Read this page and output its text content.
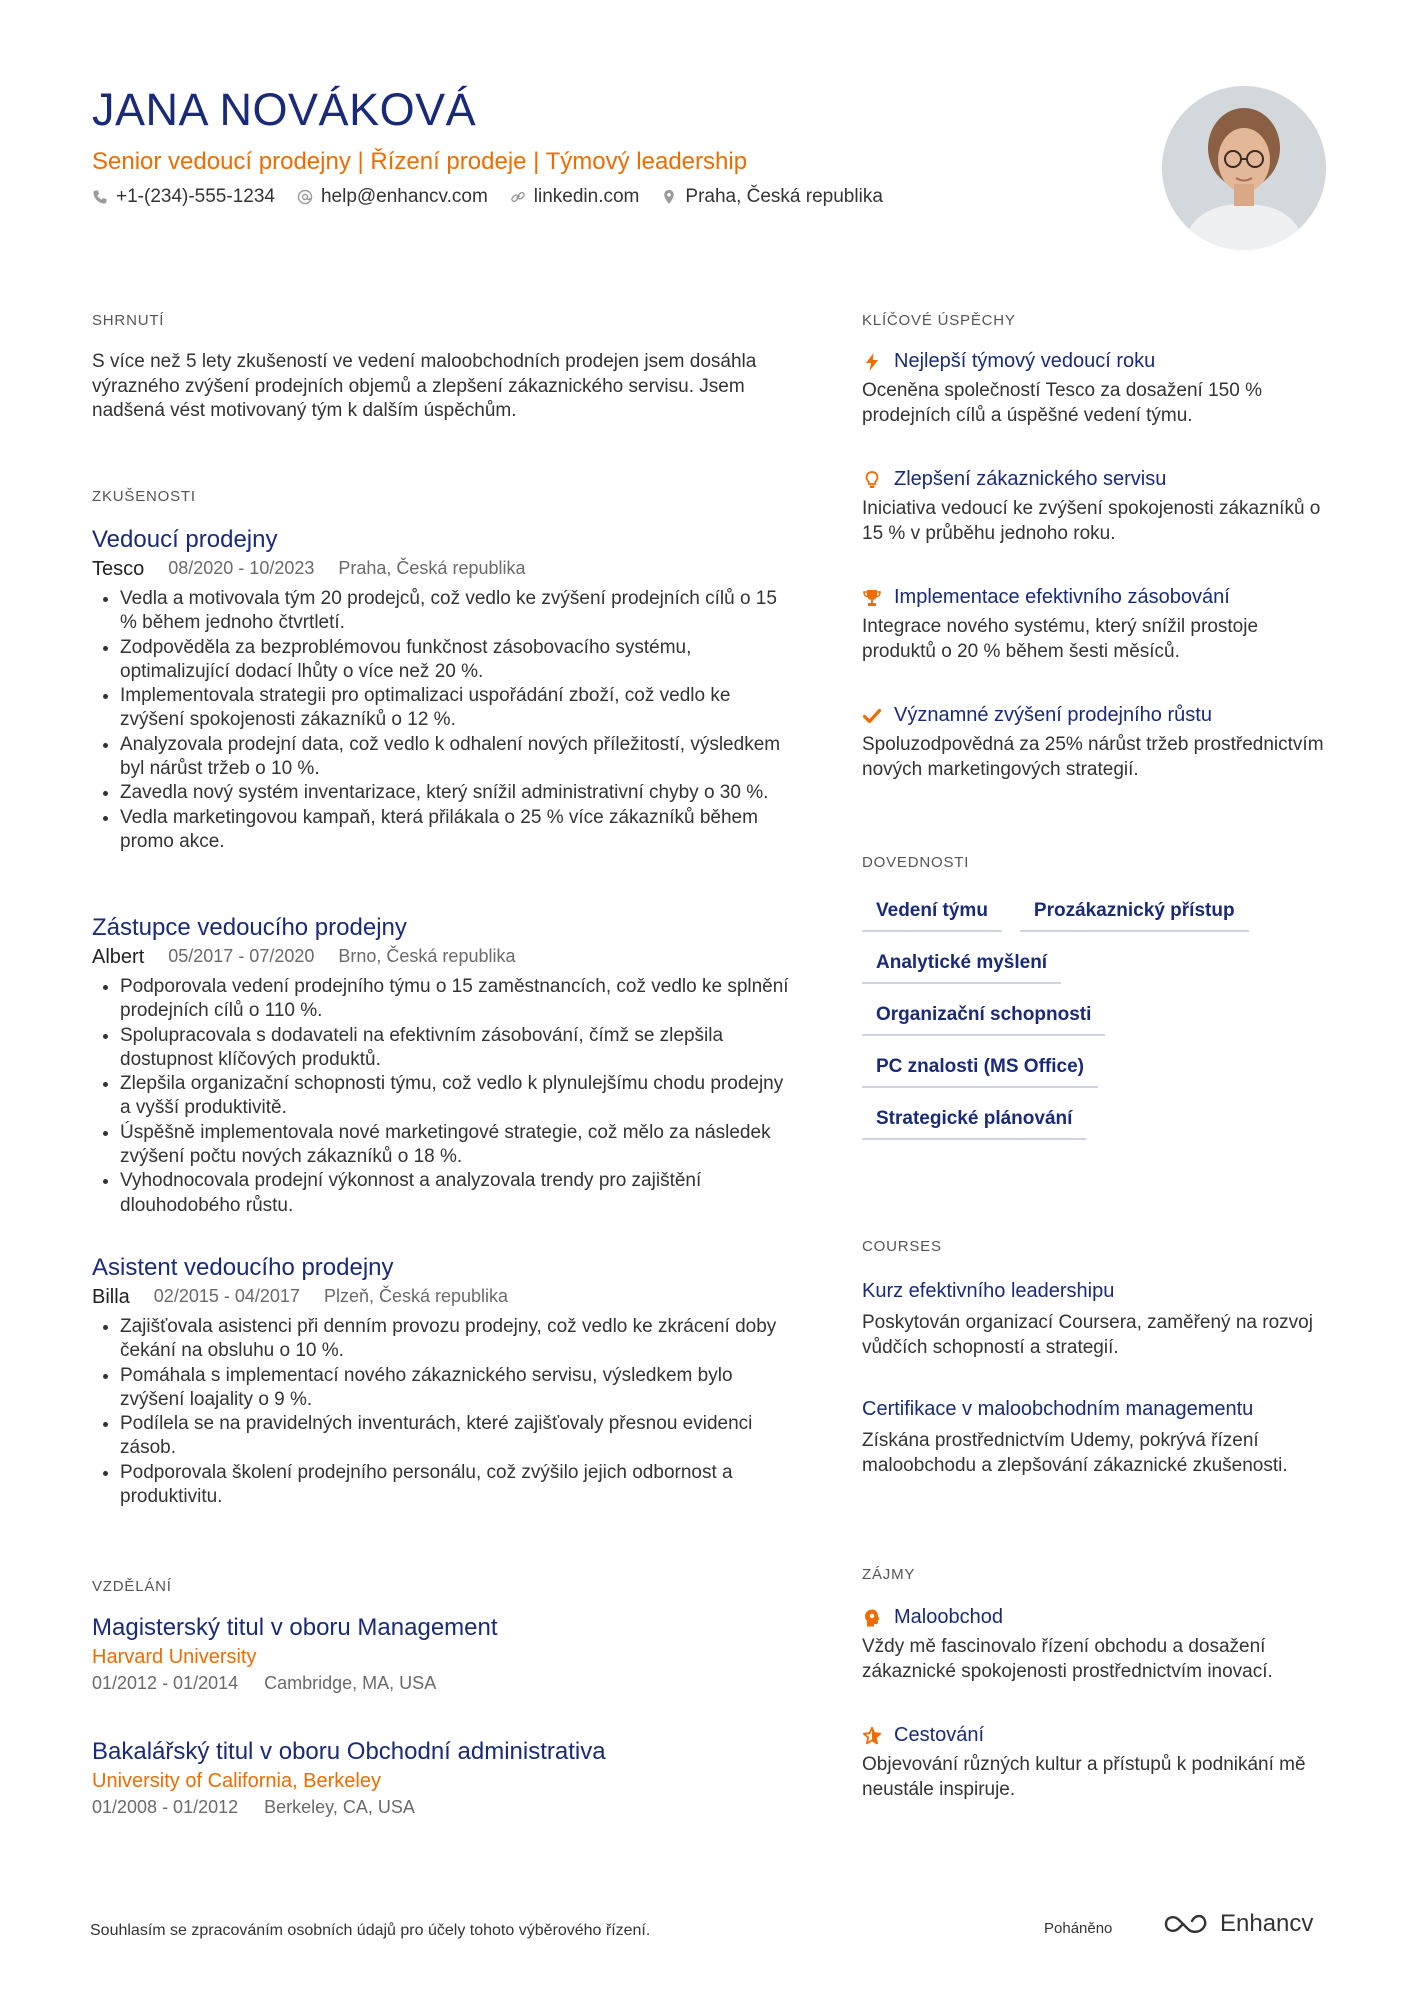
JANA NOVÁKOVÁ
Senior vedoucí prodejny | Řízení prodeje | Týmový leadership
+1-(234)-555-1234 help@enhancv.com linkedin.com Praha, Česká republika
SHRNUTÍ

S více než 5 lety zkušeností ve vedení maloobchodních prodejen jsem dosáhla výrazného zvýšení prodejních objemů a zlepšení zákaznického servisu. Jsem nadšená vést motivovaný tým k dalším úspěchům.

ZKUŠENOSTI
Vedoucí prodejny
Tesco 08/2020 - 10/2023 Praha, Česká republika
• Vedla a motivovala tým 20 prodejců, což vedlo ke zvýšení prodejních cílů o 15 % během jednoho čtvrtletí.
• Zodpověděla za bezproblémovou funkčnost zásobovacího systému, optimalizující dodací lhůty o více než 20 %.
• Implementovala strategii pro optimalizaci uspořádání zboží, což vedlo ke zvýšení spokojenosti zákazníků o 12 %.
• Analyzovala prodejní data, což vedlo k odhalení nových příležitostí, výsledkem byl nárůst tržeb o 10 %.
• Zavedla nový systém inventarizace, který snížil administrativní chyby o 30 %.
• Vedla marketingovou kampaň, která přilákala o 25 % více zákazníků během promo akce.
Zástupce vedoucího prodejny
Albert 05/2017 - 07/2020 Brno, Česká republika
• Podporovala vedení prodejního týmu o 15 zaměstnancích, což vedlo ke splnění prodejních cílů o 110 %.
• Spolupracovala s dodavateli na efektivním zásobování, čímž se zlepšila dostupnost klíčových produktů.
• Zlepšila organizační schopnosti týmu, což vedlo k plynulejšímu chodu prodejny a vyšší produktivitě.
• Úspěšně implementovala nové marketingové strategie, což mělo za následek zvýšení počtu nových zákazníků o 18 %.
• Vyhodnocovala prodejní výkonnost a analyzovala trendy pro zajištění dlouhodobého růstu.
Asistent vedoucího prodejny
Billa 02/2015 - 04/2017 Plzeň, Česká republika
• Zajišťovala asistenci při denním provozu prodejny, což vedlo ke zkrácení doby čekání na obsluhu o 10 %.
• Pomáhala s implementací nového zákaznického servisu, výsledkem bylo zvýšení loajality o 9 %.
• Podílela se na pravidelných inventurách, které zajišťovaly přesnou evidenci zásob.
• Podporovala školení prodejního personálu, což zvýšilo jejich odbornost a produktivitu.
VZDĚLÁNÍ
Magisterský titul v oboru Management
Harvard University
01/2012 - 01/2014 Cambridge, MA, USA
Bakalářský titul v oboru Obchodní administrativa
University of California, Berkeley
01/2008 - 01/2012 Berkeley, CA, USA
KLÍČOVÉ ÚSPĚCHY
Nejlepší týmový vedoucí roku
Oceněna společností Tesco za dosažení 150 % prodejních cílů a úspěšné vedení týmu.
Zlepšení zákaznického servisu
Iniciativa vedoucí ke zvýšení spokojenosti zákazníků o 15 % v průběhu jednoho roku.
Implementace efektivního zásobování
Integrace nového systému, který snížil prostoje produktů o 20 % během šesti měsíců.
Významné zvýšení prodejního růstu
Spoluzodpovědná za 25% nárůst tržeb prostřednictvím nových marketingových strategií.
DOVEDNOSTI
Vedení týmu	Prozákaznický přístup
Analytické myšlení
Organizační schopnosti
PC znalosti (MS Office)
Strategické plánování
COURSES
Kurz efektivního leadershipu
Poskytován organizací Coursera, zaměřený na rozvoj vůdčích schopností a strategií.
Certifikace v maloobchodním managementu
Získána prostřednictvím Udemy, pokrývá řízení maloobchodu a zlepšování zákaznické zkušenosti.
ZÁJMY
Maloobchod
Vždy mě fascinovalo řízení obchodu a dosažení zákaznické spokojenosti prostřednictvím inovací.
Cestování
Objevování různých kultur a přístupů k podnikání mě neustále inspiruje.
Souhlasím se zpracováním osobních údajů pro účely tohoto výběrového řízení.	Poháněno	Enhancv
